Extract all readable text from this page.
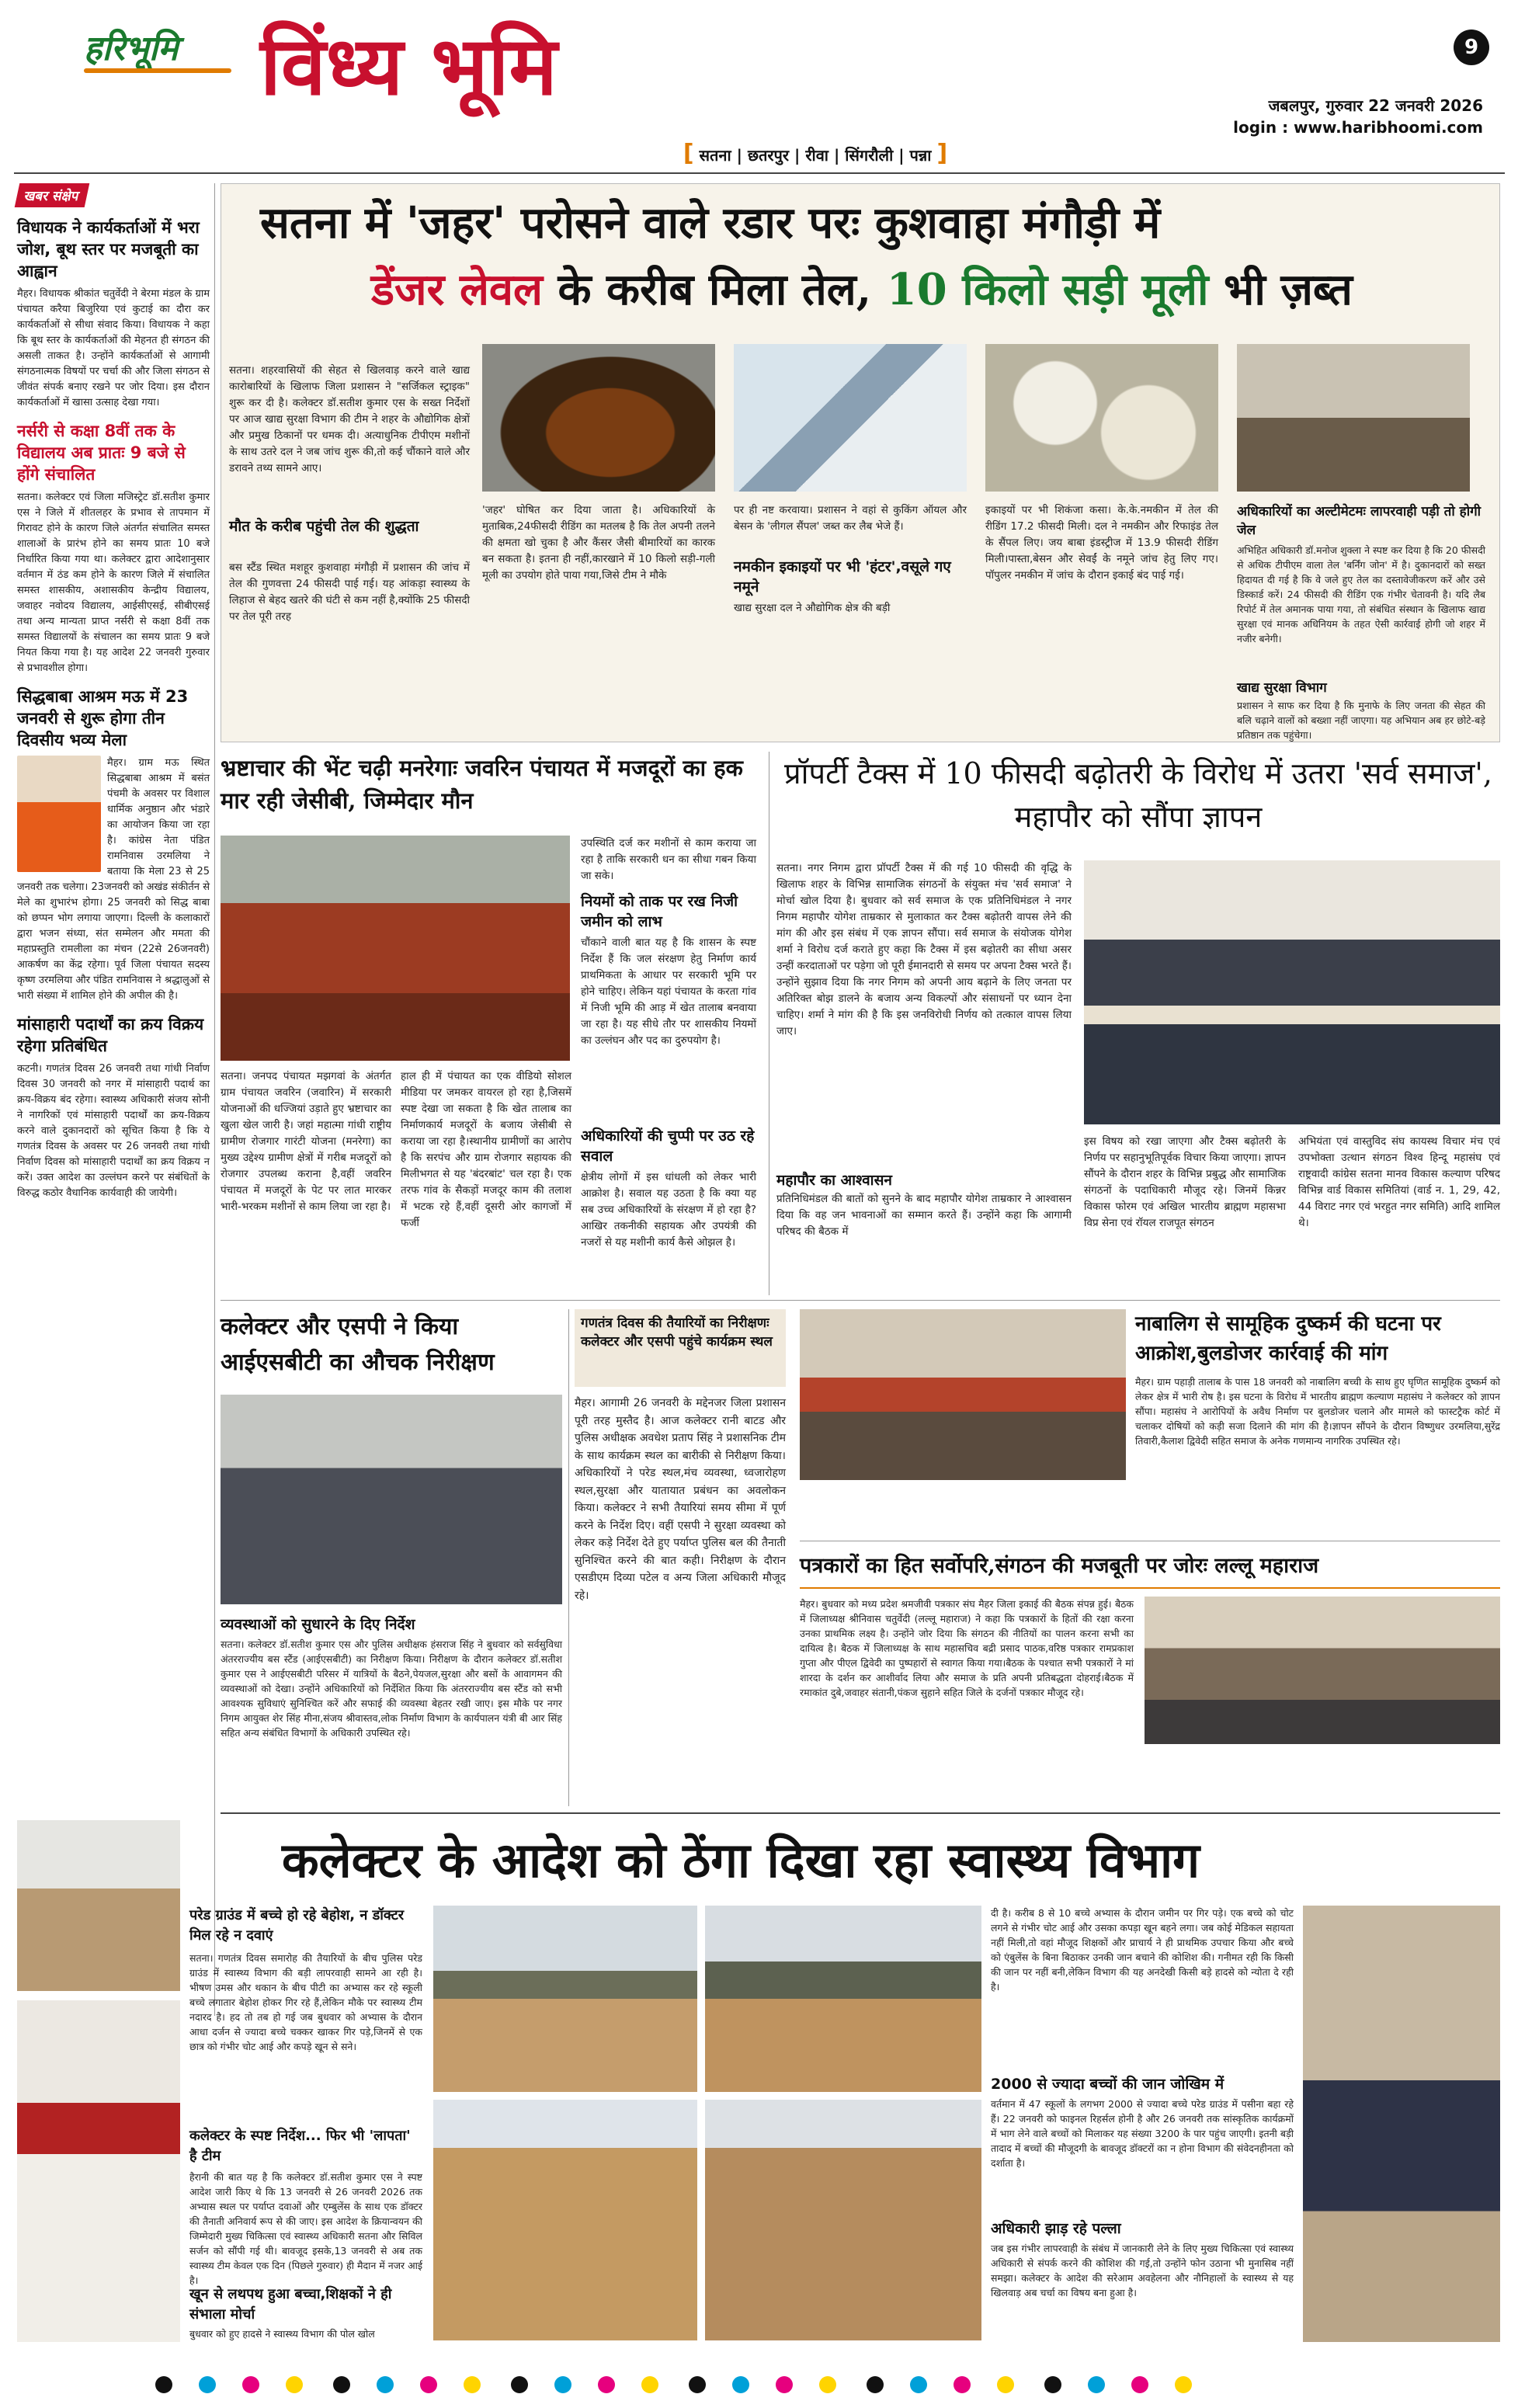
हरिभूमि विंध्य भूमि	9
जबलपुर, गुरुवार 22 जनवरी 2026
login : www.haribhoomi.com
[ सतना | छतरपुर | रीवा | सिंगरौली | पन्ना ]
खबर संक्षेप
विधायक ने कार्यकर्ताओं में भरा जोश, बूथ स्तर पर मजबूती का आह्वान
मैहर। विधायक श्रीकांत चतुर्वेदी ने बेरमा मंडल के ग्राम पंचायत करैया बिजुरिया एवं कुटाई का दौरा कर कार्यकर्ताओं से सीधा संवाद किया। विधायक ने कहा कि बूथ स्तर के कार्यकर्ताओं की मेहनत ही संगठन की असली ताकत है। उन्होंने कार्यकर्ताओं से आगामी संगठनात्मक विषयों पर चर्चा की और जिला संगठन से जीवंत संपर्क बनाए रखने पर जोर दिया। इस दौरान कार्यकर्ताओं में खासा उत्साह देखा गया।
नर्सरी से कक्षा 8वीं तक के विद्यालय अब प्रातः 9 बजे से होंगे संचालित
सतना। कलेक्टर एवं जिला मजिस्ट्रेट डॉ.सतीश कुमार एस ने जिले में शीतलहर के प्रभाव से तापमान में गिरावट होने के कारण जिले अंतर्गत संचालित समस्त शालाओं के प्रारंभ होने का समय प्रातः 10 बजे निर्धारित किया गया था। कलेक्टर द्वारा आदेशानुसार वर्तमान में ठंड कम होने के कारण जिले में संचालित समस्त शासकीय, अशासकीय केन्द्रीय विद्यालय, जवाहर नवोदय विद्यालय, आईसीएसई, सीबीएसई तथा अन्य मान्यता प्राप्त नर्सरी से कक्षा 8वीं तक समस्त विद्यालयों के संचालन का समय प्रातः 9 बजे नियत किया गया है। यह आदेश 22 जनवरी गुरुवार से प्रभावशील होगा।
सिद्धबाबा आश्रम मऊ में 23 जनवरी से शुरू होगा तीन दिवसीय भव्य मेला
मैहर। ग्राम मऊ स्थित सिद्धबाबा आश्रम में बसंत पंचमी के अवसर पर विशाल धार्मिक अनुष्ठान और भंडारे का आयोजन किया जा रहा है। कांग्रेस नेता पंडित रामनिवास उरमलिया ने बताया कि मेला 23 से 25 जनवरी तक चलेगा। 23जनवरी को अखंड संकीर्तन से मेले का शुभारंभ होगा। 25 जनवरी को सिद्ध बाबा को छप्पन भोग लगाया जाएगा। दिल्ली के कलाकारों द्वारा भजन संध्या, संत सम्मेलन और ममता की महाप्रस्तुति रामलीला का मंचन (22से 26जनवरी) आकर्षण का केंद्र रहेगा। पूर्व जिला पंचायत सदस्य कृष्ण उरमलिया और पंडित रामनिवास ने श्रद्धालुओं से भारी संख्या में शामिल होने की अपील की है।
मांसाहारी पदार्थों का क्रय विक्रय रहेगा प्रतिबंधित
कटनी। गणतंत्र दिवस 26 जनवरी तथा गांधी निर्वाण दिवस 30 जनवरी को नगर में मांसाहारी पदार्थ का क्रय-विक्रय बंद रहेगा। स्वास्थ्य अधिकारी संजय सोनी ने नागरिकों एवं मांसाहारी पदार्थों का क्रय-विक्रय करने वाले दुकानदारों को सूचित किया है कि ये गणतंत्र दिवस के अवसर पर 26 जनवरी तथा गांधी निर्वाण दिवस को मांसाहारी पदार्थों का क्रय विक्रय न करें। उक्त आदेश का उल्लंघन करने पर संबंधितों के विरुद्ध कठोर वैधानिक कार्यवाही की जायेगी।
सतना में 'जहर' परोसने वाले रडार परः कुशवाहा मंगौड़ी में
डेंजर लेवल के करीब मिला तेल, 10 किलो सड़ी मूली भी ज़ब्त
सतना। शहरवासियों की सेहत से खिलवाड़ करने वाले खाद्य कारोबारियों के खिलाफ जिला प्रशासन ने "सर्जिकल स्ट्राइक" शुरू कर दी है। कलेक्टर डॉ.सतीश कुमार एस के सख्त निर्देशों पर आज खाद्य सुरक्षा विभाग की टीम ने शहर के औद्योगिक क्षेत्रों और प्रमुख ठिकानों पर धमक दी। अत्याधुनिक टीपीएम मशीनों के साथ उतरे दल ने जब जांच शुरू की,तो कई चौंकाने वाले और डरावने तथ्य सामने आए।
मौत के करीब पहुंची तेल की शुद्धता
बस स्टैंड स्थित मशहूर कुशवाहा मंगौड़ी में प्रशासन की जांच में तेल की गुणवत्ता 24 फीसदी पाई गई। यह आंकड़ा स्वास्थ्य के लिहाज से बेहद खतरे की घंटी से कम नहीं है,क्योंकि 25 फीसदी पर तेल पूरी तरह
'जहर' घोषित कर दिया जाता है। अधिकारियों के मुताबिक,24फीसदी रीडिंग का मतलब है कि तेल अपनी तलने की क्षमता खो चुका है और कैंसर जैसी बीमारियों का कारक बन सकता है। इतना ही नहीं,कारखाने में 10 किलो सड़ी-गली मूली का उपयोग होते पाया गया,जिसे टीम ने मौके
पर ही नष्ट करवाया। प्रशासन ने वहां से कुकिंग ऑयल और बेसन के 'लीगल सैंपल' जब्त कर लैब भेजे हैं।
नमकीन इकाइयों पर भी 'हंटर',वसूले गए नमूने
खाद्य सुरक्षा दल ने औद्योगिक क्षेत्र की बड़ी
इकाइयों पर भी शिकंजा कसा। के.के.नमकीन में तेल की रीडिंग 17.2 फीसदी मिली। दल ने नमकीन और रिफाइंड तेल के सैंपल लिए। जय बाबा इंडस्ट्रीज में 13.9 फीसदी रीडिंग मिली।पास्ता,बेसन और सेवईं के नमूने जांच हेतु लिए गए। पॉपुलर नमकीन में जांच के दौरान इकाई बंद पाई गई।
अधिकारियों का अल्टीमेटमः लापरवाही पड़ी तो होगी जेल
अभिहित अधिकारी डॉ.मनोज शुक्ला ने स्पष्ट कर दिया है कि 20 फीसदी से अधिक टीपीएम वाला तेल 'बर्निंग जोन' में है। दुकानदारों को सख्त हिदायत दी गई है कि वे जले हुए तेल का दस्तावेजीकरण करें और उसे डिस्कार्ड करें। 24 फीसदी की रीडिंग एक गंभीर चेतावनी है। यदि लैब रिपोर्ट में तेल अमानक पाया गया, तो संबंधित संस्थान के खिलाफ खाद्य सुरक्षा एवं मानक अधिनियम के तहत ऐसी कार्रवाई होगी जो शहर में नजीर बनेगी।
खाद्य सुरक्षा विभाग
प्रशासन ने साफ कर दिया है कि मुनाफे के लिए जनता की सेहत की बलि चढ़ाने वालों को बख्शा नहीं जाएगा। यह अभियान अब हर छोटे-बड़े प्रतिष्ठान तक पहुंचेगा।
भ्रष्टाचार की भेंट चढ़ी मनरेगाः जवरिन पंचायत में मजदूरों का हक मार रही जेसीबी, जिम्मेदार मौन
उपस्थिति दर्ज कर मशीनों से काम कराया जा रहा है ताकि सरकारी धन का सीधा गबन किया जा सके।
नियमों को ताक पर रख निजी जमीन को लाभ
चौंकाने वाली बात यह है कि शासन के स्पष्ट निर्देश हैं कि जल संरक्षण हेतु निर्माण कार्य प्राथमिकता के आधार पर सरकारी भूमि पर होने चाहिए। लेकिन यहां पंचायत के करता गांव में निजी भूमि की आड़ में खेत तालाब बनवाया जा रहा है। यह सीधे तौर पर शासकीय नियमों का उल्लंघन और पद का दुरुपयोग है।
अधिकारियों की चुप्पी पर उठ रहे सवाल
क्षेत्रीय लोगों में इस धांधली को लेकर भारी आक्रोश है। सवाल यह उठता है कि क्या यह सब उच्च अधिकारियों के संरक्षण में हो रहा है? आखिर तकनीकी सहायक और उपयंत्री की नजरों से यह मशीनी कार्य कैसे ओझल है।
सतना। जनपद पंचायत मझगवां के अंतर्गत ग्राम पंचायत जवरिन (जवारिन) में सरकारी योजनाओं की धज्जियां उड़ाते हुए भ्रष्टाचार का खुला खेल जारी है। जहां महात्मा गांधी राष्ट्रीय ग्रामीण रोजगार गारंटी योजना (मनरेगा) का मुख्य उद्देश्य ग्रामीण क्षेत्रों में गरीब मजदूरों को रोजगार उपलब्ध कराना है,वहीं जवरिन पंचायत में मजदूरों के पेट पर लात मारकर भारी-भरकम मशीनों से काम लिया जा रहा है।
हाल ही में पंचायत का एक वीडियो सोशल मीडिया पर जमकर वायरल हो रहा है,जिसमें स्पष्ट देखा जा सकता है कि खेत तालाब का निर्माणकार्य मजदूरों के बजाय जेसीबी से कराया जा रहा है।स्थानीय ग्रामीणों का आरोप है कि सरपंच और ग्राम रोजगार सहायक की मिलीभगत से यह 'बंदरबांट' चल रहा है। एक तरफ गांव के सैकड़ों मजदूर काम की तलाश में भटक रहे हैं,वहीं दूसरी ओर कागजों में फर्जी
प्रॉपर्टी टैक्स में 10 फीसदी बढ़ोतरी के विरोध में उतरा 'सर्व समाज', महापौर को सौंपा ज्ञापन
सतना। नगर निगम द्वारा प्रॉपर्टी टैक्स में की गई 10 फीसदी की वृद्धि के खिलाफ शहर के विभिन्न सामाजिक संगठनों के संयुक्त मंच 'सर्व समाज' ने मोर्चा खोल दिया है। बुधवार को सर्व समाज के एक प्रतिनिधिमंडल ने नगर निगम महापौर योगेश ताम्रकार से मुलाकात कर टैक्स बढ़ोतरी वापस लेने की मांग की और इस संबंध में एक ज्ञापन सौंपा। सर्व समाज के संयोजक योगेश शर्मा ने विरोध दर्ज कराते हुए कहा कि टैक्स में इस बढ़ोतरी का सीधा असर उन्हीं करदाताओं पर पड़ेगा जो पूरी ईमानदारी से समय पर अपना टैक्स भरते हैं। उन्होंने सुझाव दिया कि नगर निगम को अपनी आय बढ़ाने के लिए जनता पर अतिरिक्त बोझ डालने के बजाय अन्य विकल्पों और संसाधनों पर ध्यान देना चाहिए। शर्मा ने मांग की है कि इस जनविरोधी निर्णय को तत्काल वापस लिया जाए।
महापौर का आश्वासन
प्रतिनिधिमंडल की बातों को सुनने के बाद महापौर योगेश ताम्रकार ने आश्वासन दिया कि वह जन भावनाओं का सम्मान करते हैं। उन्होंने कहा कि आगामी परिषद की बैठक में
इस विषय को रखा जाएगा और टैक्स बढ़ोतरी के निर्णय पर सहानुभूतिपूर्वक विचार किया जाएगा। ज्ञापन सौंपने के दौरान शहर के विभिन्न प्रबुद्ध और सामाजिक संगठनों के पदाधिकारी मौजूद रहे। जिनमें किन्नर विकास फोरम एवं अखिल भारतीय ब्राह्मण महासभा विप्र सेना एवं रॉयल राजपूत संगठन
अभियंता एवं वास्तुविद संघ कायस्थ विचार मंच एवं उपभोक्ता उत्थान संगठन विश्व हिन्दू महासंघ एवं राष्ट्रवादी कांग्रेस सतना मानव विकास कल्याण परिषद विभिन्न वार्ड विकास समितियां (वार्ड न. 1, 29, 42, 44 विराट नगर एवं भरहुत नगर समिति) आदि शामिल थे।
कलेक्टर और एसपी ने किया आईएसबीटी का औचक निरीक्षण
व्यवस्थाओं को सुधारने के दिए निर्देश
सतना। कलेक्टर डॉ.सतीश कुमार एस और पुलिस अधीक्षक हंसराज सिंह ने बुधवार को सर्वसुविधा अंतरराज्यीय बस स्टैंड (आईएसबीटी) का निरीक्षण किया। निरीक्षण के दौरान कलेक्टर डॉ.सतीश कुमार एस ने आईएसबीटी परिसर में यात्रियों के बैठने,पेयजल,सुरक्षा और बसों के आवागमन की व्यवस्थाओं को देखा। उन्होंने अधिकारियों को निर्देशित किया कि अंतरराज्यीय बस स्टैंड को सभी आवश्यक सुविधाएं सुनिश्चित करें और सफाई की व्यवस्था बेहतर रखी जाए। इस मौके पर नगर निगम आयुक्त शेर सिंह मीना,संजय श्रीवास्तव,लोक निर्माण विभाग के कार्यपालन यंत्री बी आर सिंह सहित अन्य संबंधित विभागों के अधिकारी उपस्थित रहे।
गणतंत्र दिवस की तैयारियों का निरीक्षणः कलेक्टर और एसपी पहुंचे कार्यक्रम स्थल
मैहर। आगामी 26 जनवरी के मद्देनजर जिला प्रशासन पूरी तरह मुस्तैद है। आज कलेक्टर रानी बाटड और पुलिस अधीक्षक अवधेश प्रताप सिंह ने प्रशासनिक टीम के साथ कार्यक्रम स्थल का बारीकी से निरीक्षण किया। अधिकारियों ने परेड स्थल,मंच व्यवस्था, ध्वजारोहण स्थल,सुरक्षा और यातायात प्रबंधन का अवलोकन किया। कलेक्टर ने सभी तैयारियां समय सीमा में पूर्ण करने के निर्देश दिए। वहीं एसपी ने सुरक्षा व्यवस्था को लेकर कड़े निर्देश देते हुए पर्याप्त पुलिस बल की तैनाती सुनिश्चित करने की बात कही। निरीक्षण के दौरान एसडीएम दिव्या पटेल व अन्य जिला अधिकारी मौजूद रहे।
नाबालिग से सामूहिक दुष्कर्म की घटना पर आक्रोश,बुलडोजर कार्रवाई की मांग
मैहर। ग्राम पहाड़ी तालाब के पास 18 जनवरी को नाबालिग बच्ची के साथ हुए घृणित सामूहिक दुष्कर्म को लेकर क्षेत्र में भारी रोष है। इस घटना के विरोध में भारतीय ब्राह्मण कल्याण महासंघ ने कलेक्टर को ज्ञापन सौंपा। महासंघ ने आरोपियों के अवैध निर्माण पर बुलडोजर चलाने और मामले को फास्टट्रैक कोर्ट में चलाकर दोषियों को कड़ी सजा दिलाने की मांग की है।ज्ञापन सौंपने के दौरान विष्णुधर उरमलिया,सुरेंद्र तिवारी,कैलाश द्विवेदी सहित समाज के अनेक गणमान्य नागरिक उपस्थित रहे।
पत्रकारों का हित सर्वोपरि,संगठन की मजबूती पर जोरः लल्लू महाराज
मैहर। बुधवार को मध्य प्रदेश श्रमजीवी पत्रकार संघ मैहर जिला इकाई की बैठक संपन्न हुई। बैठक में जिलाध्यक्ष श्रीनिवास चतुर्वेदी (लल्लू महाराज) ने कहा कि पत्रकारों के हितों की रक्षा करना उनका प्राथमिक लक्ष्य है। उन्होंने जोर दिया कि संगठन की नीतियों का पालन करना सभी का दायित्व है। बैठक में जिलाध्यक्ष के साथ महासचिव बद्री प्रसाद पाठक,वरिष्ठ पत्रकार रामप्रकाश गुप्ता और पीएल द्विवेदी का पुष्पहारों से स्वागत किया गया।बैठक के पश्चात सभी पत्रकारों ने मां शारदा के दर्शन कर आशीर्वाद लिया और समाज के प्रति अपनी प्रतिबद्धता दोहराई।बैठक में रमाकांत दुबे,जवाहर संतानी,पंकज सुहाने सहित जिले के दर्जनों पत्रकार मौजूद रहे।
कलेक्टर के आदेश को ठेंगा दिखा रहा स्वास्थ्य विभाग
परेड ग्राउंड में बच्चे हो रहे बेहोश, न डॉक्टर मिल रहे न दवाएं
सतना। गणतंत्र दिवस समारोह की तैयारियों के बीच पुलिस परेड ग्राउंड में स्वास्थ्य विभाग की बड़ी लापरवाही सामने आ रही है। भीषण उमस और थकान के बीच पीटी का अभ्यास कर रहे स्कूली बच्चे लगातार बेहोश होकर गिर रहे हैं,लेकिन मौके पर स्वास्थ्य टीम नदारद है। हद तो तब हो गई जब बुधवार को अभ्यास के दौरान आधा दर्जन से ज्यादा बच्चे चक्कर खाकर गिर पड़े,जिनमें से एक छात्र को गंभीर चोट आई और कपड़े खून से सने।
कलेक्टर के स्पष्ट निर्देश... फिर भी 'लापता' है टीम
हैरानी की बात यह है कि कलेक्टर डॉ.सतीश कुमार एस ने स्पष्ट आदेश जारी किए थे कि 13 जनवरी से 26 जनवरी 2026 तक अभ्यास स्थल पर पर्याप्त दवाओं और एम्बुलेंस के साथ एक डॉक्टर की तैनाती अनिवार्य रूप से की जाए। इस आदेश के क्रियान्वयन की जिम्मेदारी मुख्य चिकित्सा एवं स्वास्थ्य अधिकारी सतना और सिविल सर्जन को सौंपी गई थी। बावजूद इसके,13 जनवरी से अब तक स्वास्थ्य टीम केवल एक दिन (पिछले गुरुवार) ही मैदान में नजर आई है।
खून से लथपथ हुआ बच्चा,शिक्षकों ने ही संभाला मोर्चा
बुधवार को हुए हादसे ने स्वास्थ्य विभाग की पोल खोल
दी है। करीब 8 से 10 बच्चे अभ्यास के दौरान जमीन पर गिर पड़े। एक बच्चे को चोट लगने से गंभीर चोट आई और उसका कपड़ा खून बहने लगा। जब कोई मेडिकल सहायता नहीं मिली,तो वहां मौजूद शिक्षकों और प्राचार्य ने ही प्राथमिक उपचार किया और बच्चे को एंबुलेंस के बिना बिठाकर उनकी जान बचाने की कोशिश की। गनीमत रही कि किसी की जान पर नहीं बनी,लेकिन विभाग की यह अनदेखी किसी बड़े हादसे को न्योता दे रही है।
2000 से ज्यादा बच्चों की जान जोखिम में
वर्तमान में 47 स्कूलों के लगभग 2000 से ज्यादा बच्चे परेड ग्राउंड में पसीना बहा रहे हैं। 22 जनवरी को फाइनल रिहर्सल होनी है और 26 जनवरी तक सांस्कृतिक कार्यक्रमों में भाग लेने वाले बच्चों को मिलाकर यह संख्या 3200 के पार पहुंच जाएगी। इतनी बड़ी तादाद में बच्चों की मौजूदगी के बावजूद डॉक्टरों का न होना विभाग की संवेदनहीनता को दर्शाता है।
अधिकारी झाड़ रहे पल्ला
जब इस गंभीर लापरवाही के संबंध में जानकारी लेने के लिए मुख्य चिकित्सा एवं स्वास्थ्य अधिकारी से संपर्क करने की कोशिश की गई,तो उन्होंने फोन उठाना भी मुनासिब नहीं समझा। कलेक्टर के आदेश की सरेआम अवहेलना और नौनिहालों के स्वास्थ्य से यह खिलवाड़ अब चर्चा का विषय बना हुआ है।
